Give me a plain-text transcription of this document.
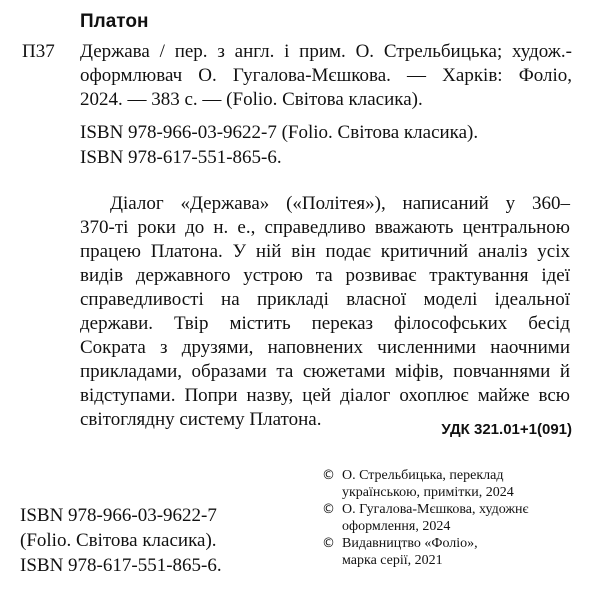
Платон
П37 Держава / пер. з англ. і прим. О. Стрельбицька; худож.-
оформлювач О. Гугалова-Мєшкова. — Харків: Фоліо,
2024. — 383 с. — (Folio. Світова класика).
ISBN 978-966-03-9622-7 (Folio. Світова класика).
ISBN 978-617-551-865-6.
Діалог «Держава» («Політея»), написаний у 360–
370-ті роки до н. е., справедливо вважають центральною
працею Платона. У ній він подає критичний аналіз усіх
видів державного устрою та розвиває трактування ідеї
справедливості на прикладі власної моделі ідеальної
держави. Твір містить переказ філософських бесід
Сократа з друзями, наповнених численними наочними
прикладами, образами та сюжетами міфів, повчаннями й
відступами. Попри назву, цей діалог охоплює майже всю
світоглядну систему Платона.	УДК 321.01+1(091)
ISBN 978-966-03-9622-7
(Folio. Світова класика).
ISBN 978-617-551-865-6.
© О. Стрельбицька, переклад
українською, примітки, 2024
© О. Гугалова-Мєшкова, художнє
оформлення, 2024
© Видавництво «Фоліо»,
марка серії, 2021
